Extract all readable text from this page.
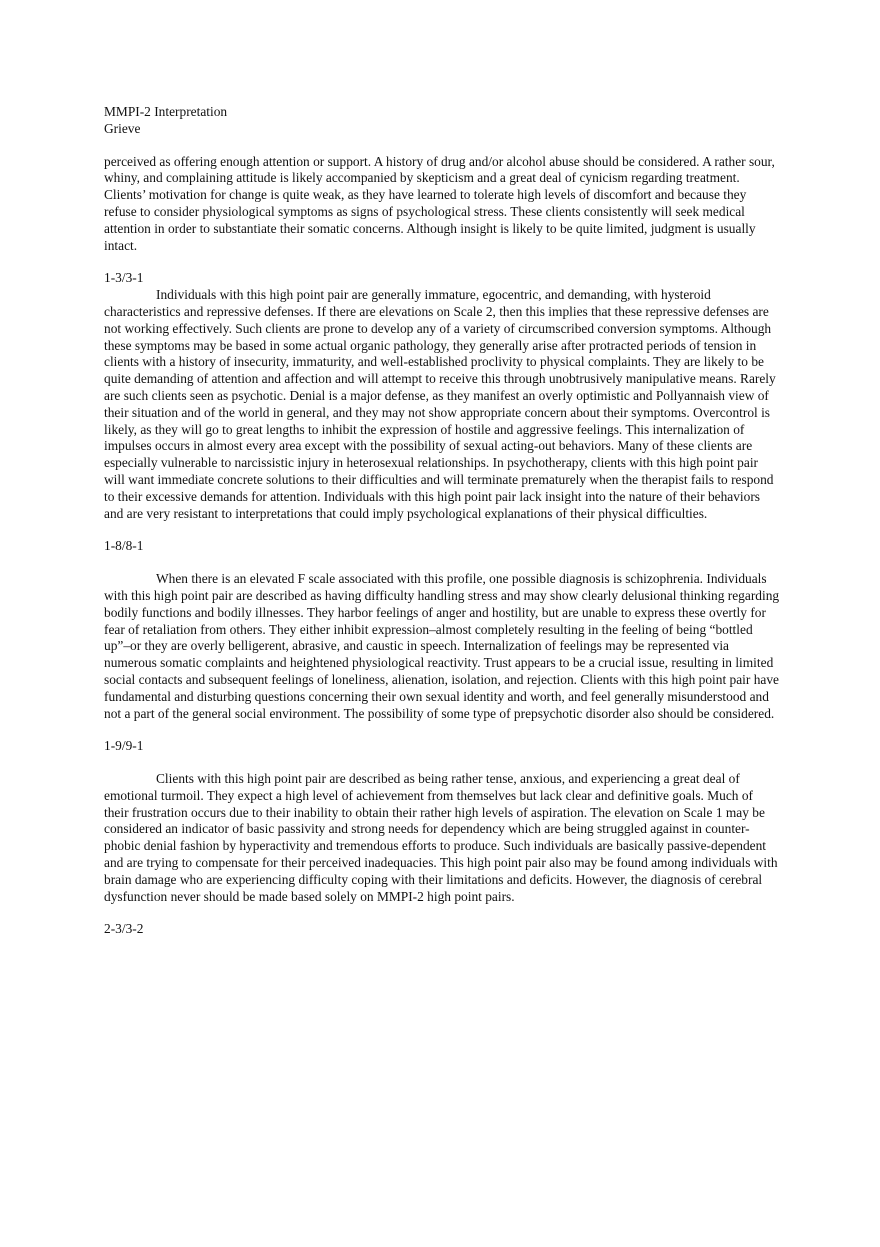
MMPI-2 Interpretation

Grieve

perceived as offering enough attention or support. A history of drug and/or alcohol abuse should be considered. A rather sour, whiny, and complaining attitude is likely accompanied by skepticism and a great deal of cynicism regarding treatment. Clients’ motivation for change is quite weak, as they have learned to tolerate high levels of discomfort and because they refuse to consider physiological symptoms as signs of psychological stress. These clients consistently will seek medical attention in order to substantiate their somatic concerns. Although insight is likely to be quite limited, judgment is usually intact.

1-3/3-1

Individuals with this high point pair are generally immature, egocentric, and demanding, with hysteroid characteristics and repressive defenses. If there are elevations on Scale 2, then this implies that these repressive defenses are not working effectively. Such clients are prone to develop any of a variety of circumscribed conversion symptoms. Although these symptoms may be based in some actual organic pathology, they generally arise after protracted periods of tension in clients with a history of insecurity, immaturity, and well-established proclivity to physical complaints. They are likely to be quite demanding of attention and affection and will attempt to receive this through unobtrusively manipulative means. Rarely are such clients seen as psychotic. Denial is a major defense, as they manifest an overly optimistic and Pollyannaish view of their situation and of the world in general, and they may not show appropriate concern about their symptoms. Overcontrol is likely, as they will go to great lengths to inhibit the expression of hostile and aggressive feelings. This internalization of impulses occurs in almost every area except with the possibility of sexual acting-out behaviors. Many of these clients are especially vulnerable to narcissistic injury in heterosexual relationships. In psychotherapy, clients with this high point pair will want immediate concrete solutions to their difficulties and will terminate prematurely when the therapist fails to respond to their excessive demands for attention. Individuals with this high point pair lack insight into the nature of their behaviors and are very resistant to interpretations that could imply psychological explanations of their physical difficulties.

1-8/8-1

When there is an elevated F scale associated with this profile, one possible diagnosis is schizophrenia. Individuals with this high point pair are described as having difficulty handling stress and may show clearly delusional thinking regarding bodily functions and bodily illnesses. They harbor feelings of anger and hostility, but are unable to express these overtly for fear of retaliation from others. They either inhibit expression–almost completely resulting in the feeling of being “bottled up”–or they are overly belligerent, abrasive, and caustic in speech. Internalization of feelings may be represented via numerous somatic complaints and heightened physiological reactivity. Trust appears to be a crucial issue, resulting in limited social contacts and subsequent feelings of loneliness, alienation, isolation, and rejection. Clients with this high point pair have fundamental and disturbing questions concerning their own sexual identity and worth, and feel generally misunderstood and not a part of the general social environment. The possibility of some type of prepsychotic disorder also should be considered.

1-9/9-1

Clients with this high point pair are described as being rather tense, anxious, and experiencing a great deal of emotional turmoil. They expect a high level of achievement from themselves but lack clear and definitive goals. Much of their frustration occurs due to their inability to obtain their rather high levels of aspiration. The elevation on Scale 1 may be considered an indicator of basic passivity and strong needs for dependency which are being struggled against in counter-phobic denial fashion by hyperactivity and tremendous efforts to produce. Such individuals are basically passive-dependent and are trying to compensate for their perceived inadequacies. This high point pair also may be found among individuals with brain damage who are experiencing difficulty coping with their limitations and deficits. However, the diagnosis of cerebral dysfunction never should be made based solely on MMPI-2 high point pairs.

2-3/3-2
